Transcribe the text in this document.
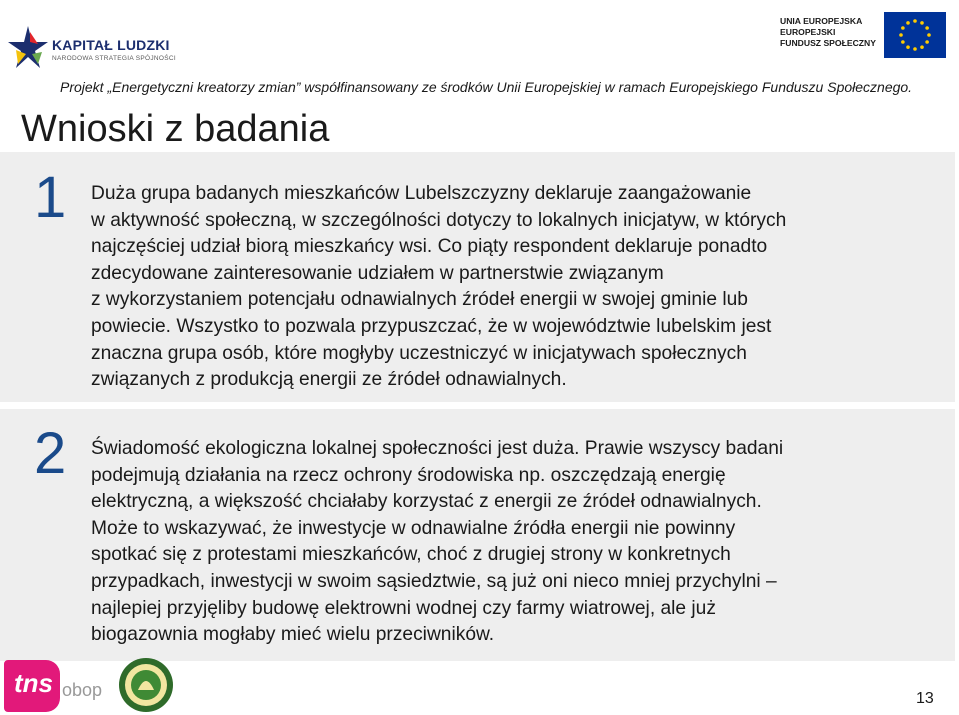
KAPITAŁ LUDZKI
NARODOWA STRATEGIA SPÓJNOŚCI
UNIA EUROPEJSKA
EUROPEJSKI
FUNDUSZ SPOŁECZNY
Projekt „Energetyczni kreatorzy zmian” współfinansowany ze środków Unii Europejskiej w ramach Europejskiego Funduszu Społecznego.
Wnioski z badania
1 Duża grupa badanych mieszkańców Lubelszczyzny deklaruje zaangażowanie
w aktywność społeczną, w szczególności dotyczy to lokalnych inicjatyw, w których
najczęściej udział biorą mieszkańcy wsi. Co piąty respondent deklaruje ponadto
zdecydowane zainteresowanie udziałem w partnerstwie związanym
z wykorzystaniem potencjału odnawialnych źródeł energii w swojej gminie lub
powiecie. Wszystko to pozwala przypuszczać, że w województwie lubelskim jest
znaczna grupa osób, które mogłyby uczestniczyć w inicjatywach społecznych
związanych z produkcją energii ze źródeł odnawialnych.
2 Świadomość ekologiczna lokalnej społeczności jest duża. Prawie wszyscy badani
podejmują działania na rzecz ochrony środowiska np. oszczędzają energię
elektryczną, a większość chciałaby korzystać z energii ze źródeł odnawialnych.
Może to wskazywać, że inwestycje w odnawialne źródła energii nie powinny
spotkać się z protestami mieszkańców, choć z drugiej strony w konkretnych
przypadkach, inwestycji w swoim sąsiedztwie, są już oni nieco mniej przychylni –
najlepiej przyjęliby budowę elektrowni wodnej czy farmy wiatrowej, ale już
biogazownia mogłaby mieć wielu przeciwników.
tns obop	13
